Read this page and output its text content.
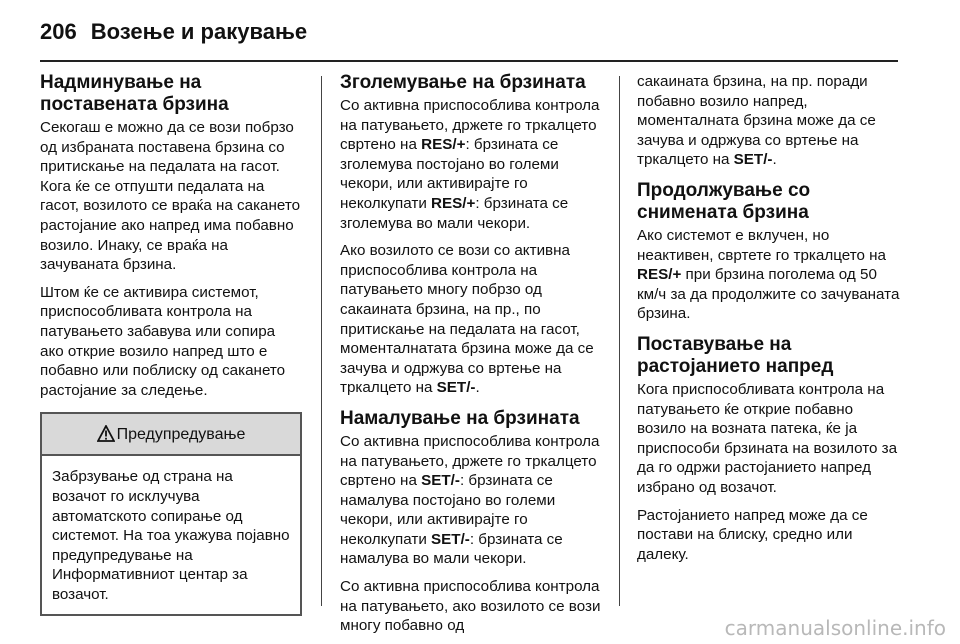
206 Возење и ракување
Надминување на поставената брзина

Секогаш е можно да се вози побрзо од избраната поставена брзина со притискање на педалата на гасот. Кога ќе се отпушти педалата на гасот, возилото се враќа на сакането растојание ако напред има побавно возило. Инаку, се враќа на зачуваната брзина.

Штом ќе се активира системот, приспособливата контрола на патувањето забавува или сопира ако открие возило напред што е побавно или поблиску од сакането растојание за следење.

Предупредување
Забрзување од страна на возачот го исклучува автоматското сопирање од системот. На тоа укажува појавно предупредување на Информативниот центар за возачот.
Зголемување на брзината

Со активна приспособлива контрола на патувањето, држете го тркалцето свртено на RES/+: брзината се зголемува постојано во големи чекори, или активирајте го неколкупати RES/+: брзината се зголемува во мали чекори.

Ако возилото се вози со активна приспособлива контрола на патувањето многу побрзо од сакаината брзина, на пр., по притискање на педалата на гасот, моменталнатата брзина може да се зачува и одржува со вртење на тркалцето на SET/-.

Намалување на брзината

Со активна приспособлива контрола на патувањето, држете го тркалцето свртено на SET/-: брзината се намалува постојано во големи чекори, или активирајте го неколкупати SET/-: брзината се намалува во мали чекори.

Со активна приспособлива контрола на патувањето, ако возилото се вози многу побавно од

сакаината брзина, на пр. поради побавно возило напред, моменталната брзина може да се зачува и одржува со вртење на тркалцето на SET/-.

Продолжување со снимената брзина

Ако системот е вклучен, но неактивен, свртете го тркалцето на RES/+ при брзина поголема од 50 км/ч за да продолжите со зачуваната брзина.

Поставување на растојанието напред

Кога приспособливата контрола на патувањето ќе открие побавно возило на возната патека, ќе ја приспособи брзината на возилото за да го одржи растојанието напред избрано од возачот.

Растојанието напред може да се постави на блиску, средно или далеку.

carmanualsonline.info
